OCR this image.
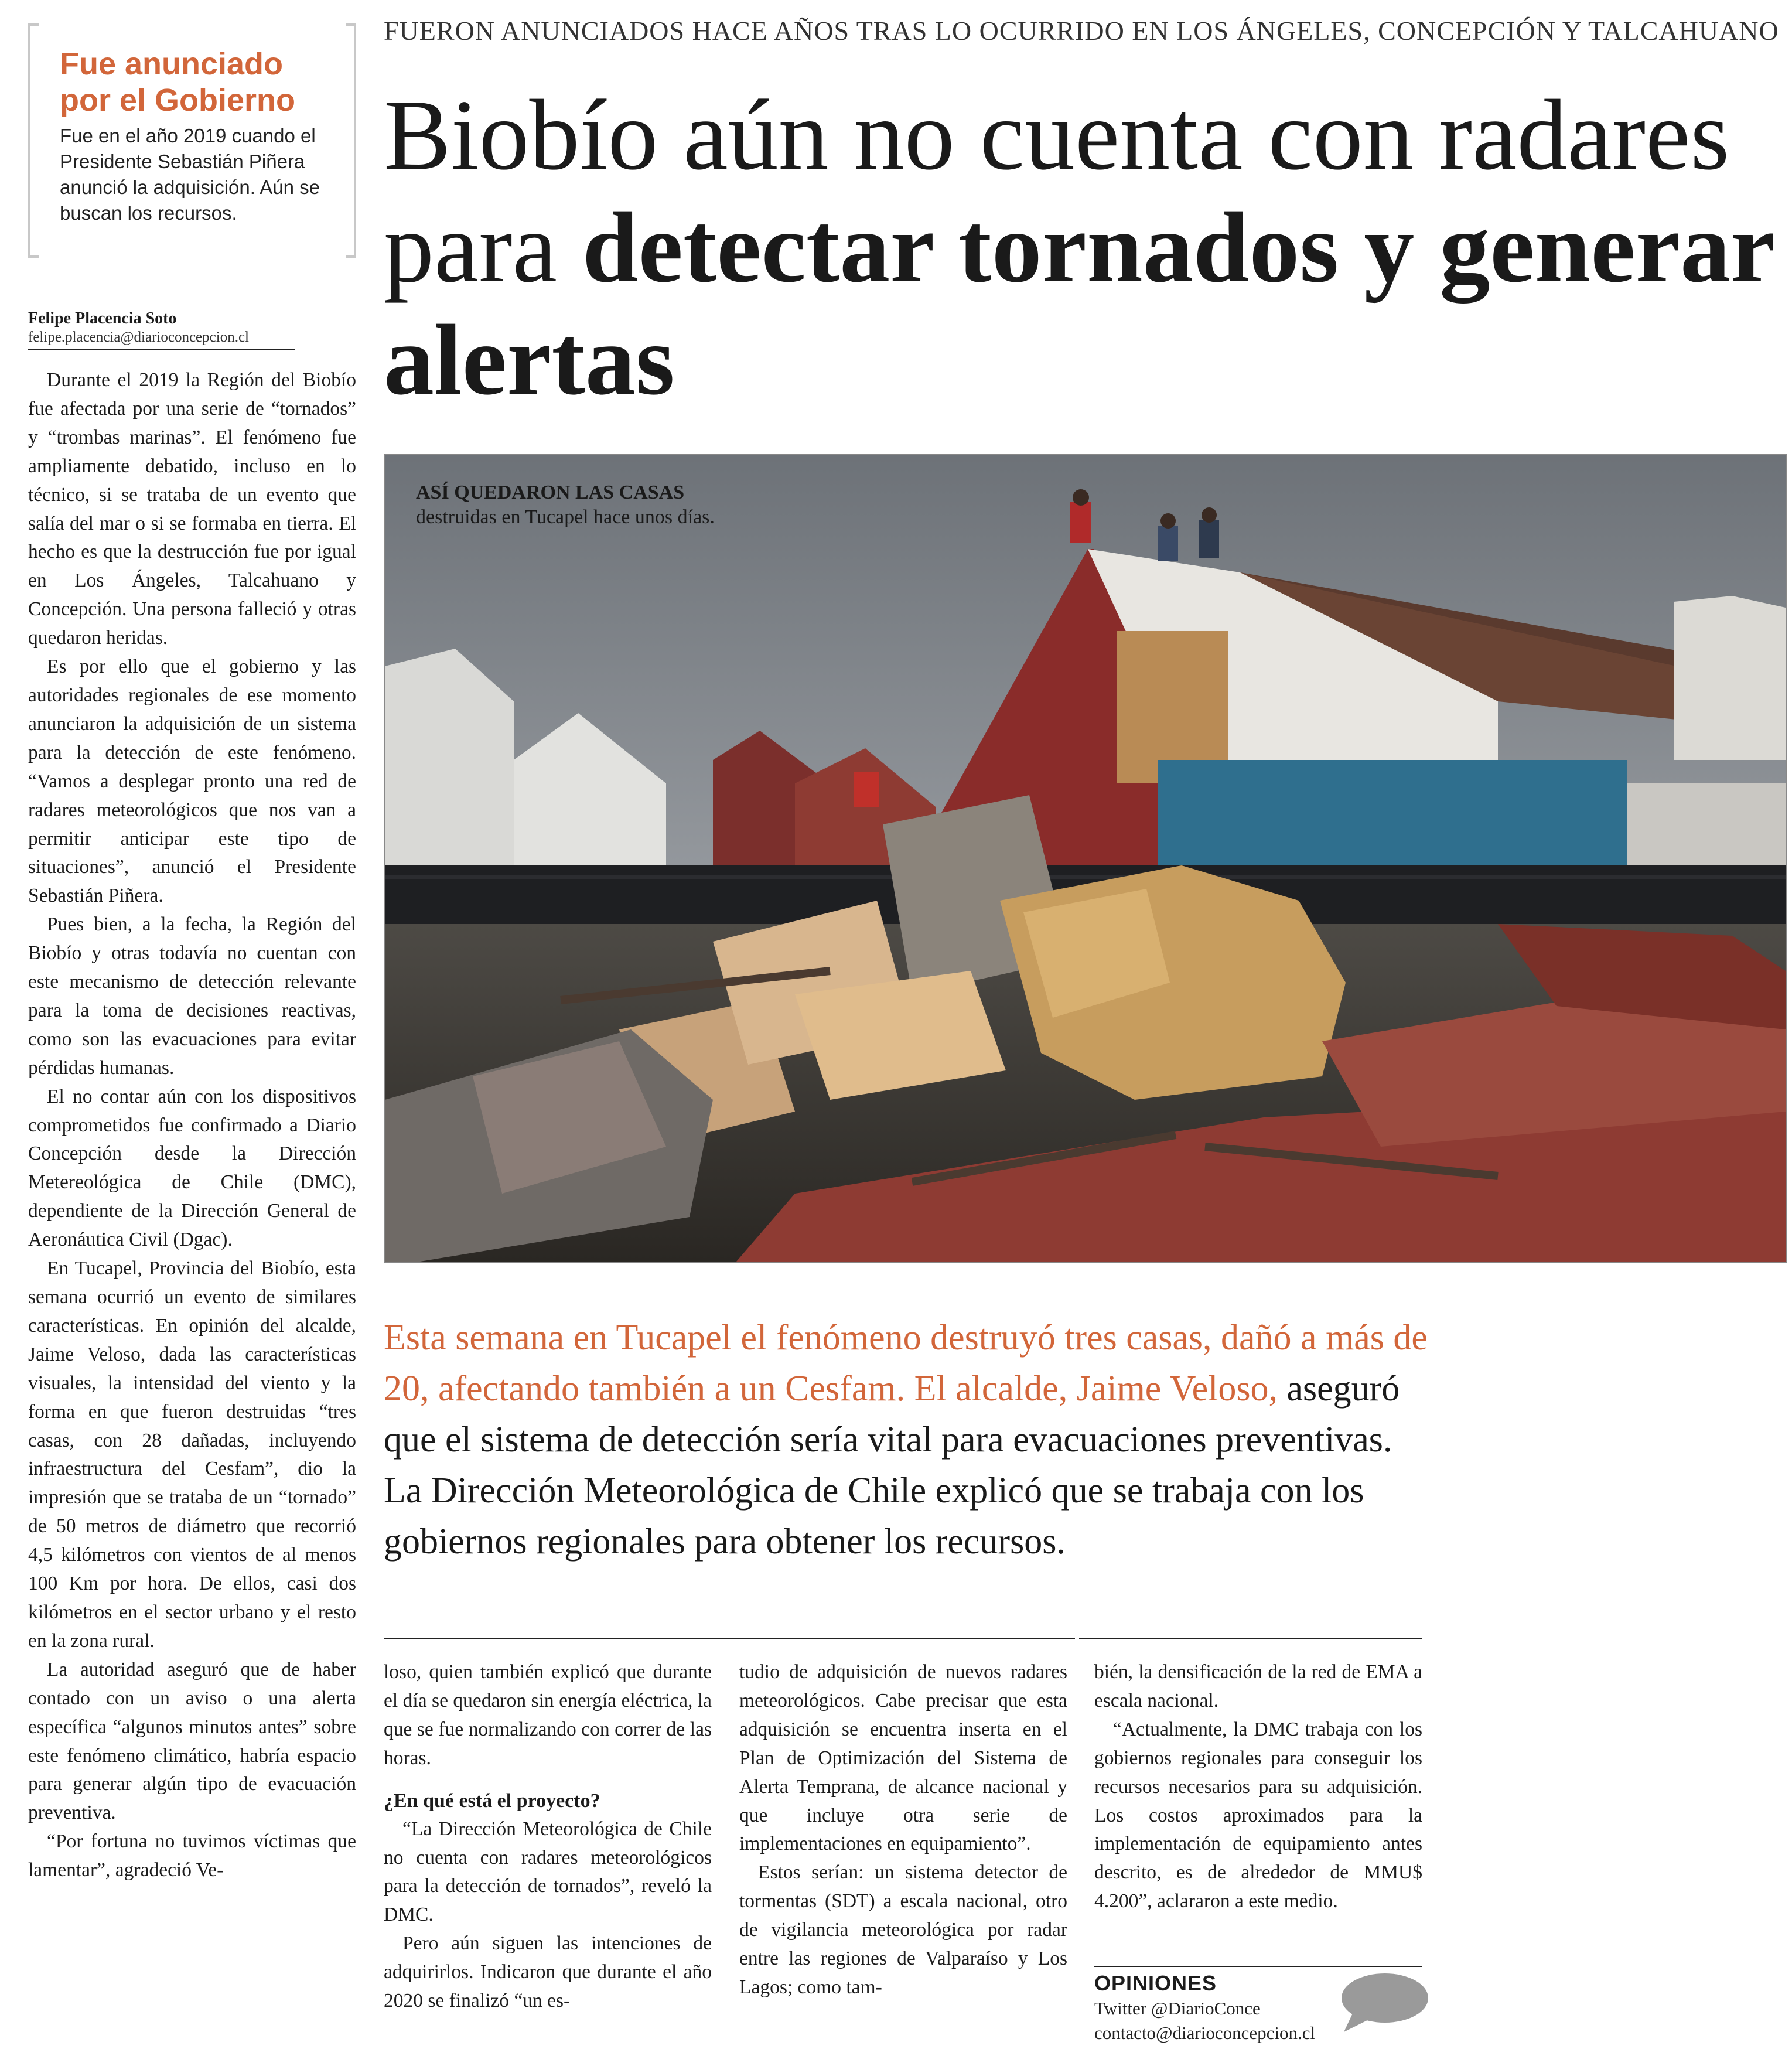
Fue anunciado por el Gobierno
Fue en el año 2019 cuando el Presidente Sebastián Piñera anunció la adquisición. Aún se buscan los recursos.
Felipe Placencia Soto
felipe.placencia@diarioconcepcion.cl

Durante el 2019 la Región del Biobío fue afectada por una serie de “tornados” y “trombas marinas”. El fenómeno fue ampliamente debatido, incluso en lo técnico, si se trataba de un evento que salía del mar o si se formaba en tierra. El hecho es que la destrucción fue por igual en Los Ángeles, Talcahuano y Concepción. Una persona falleció y otras quedaron heridas.

Es por ello que el gobierno y las autoridades regionales de ese momento anunciaron la adquisición de un sistema para la detección de este fenómeno. “Vamos a desplegar pronto una red de radares meteorológicos que nos van a permitir anticipar este tipo de situaciones”, anunció el Presidente Sebastián Piñera.

Pues bien, a la fecha, la Región del Biobío y otras todavía no cuentan con este mecanismo de detección relevante para la toma de decisiones reactivas, como son las evacuaciones para evitar pérdidas humanas.

El no contar aún con los dispositivos comprometidos fue confirmado a Diario Concepción desde la Dirección Metereológica de Chile (DMC), dependiente de la Dirección General de Aeronáutica Civil (Dgac).

En Tucapel, Provincia del Biobío, esta semana ocurrió un evento de similares características. En opinión del alcalde, Jaime Veloso, dada las características visuales, la intensidad del viento y la forma en que fueron destruidas “tres casas, con 28 dañadas, incluyendo infraestructura del Cesfam”, dio la impresión que se trataba de un “tornado” de 50 metros de diámetro que recorrió 4,5 kilómetros con vientos de al menos 100 Km por hora. De ellos, casi dos kilómetros en el sector urbano y el resto en la zona rural.

La autoridad aseguró que de haber contado con un aviso o una alerta específica “algunos minutos antes” sobre este fenómeno climático, habría espacio para generar algún tipo de evacuación preventiva.

“Por fortuna no tuvimos víctimas que lamentar”, agradeció Ve-

FUERON ANUNCIADOS HACE AÑOS TRAS LO OCURRIDO EN LOS ÁNGELES, CONCEPCIÓN Y TALCAHUANO
Biobío aún no cuenta con radares para detectar tornados y generar alertas
ASÍ QUEDARON LAS CASAS
destruidas en Tucapel hace unos días.
Esta semana en Tucapel el fenómeno destruyó tres casas, dañó a más de 20, afectando también a un Cesfam. El alcalde, Jaime Veloso, aseguró que el sistema de detección sería vital para evacuaciones preventivas. La Dirección Meteorológica de Chile explicó que se trabaja con los gobiernos regionales para obtener los recursos.

loso, quien también explicó que durante el día se quedaron sin energía eléctrica, la que se fue normalizando con correr de las horas.

¿En qué está el proyecto?

“La Dirección Meteorológica de Chile no cuenta con radares meteorológicos para la detección de tornados”, reveló la DMC.

Pero aún siguen las intenciones de adquirirlos. Indicaron que durante el año 2020 se finalizó “un es-

tudio de adquisición de nuevos radares meteorológicos. Cabe precisar que esta adquisición se encuentra inserta en el Plan de Optimización del Sistema de Alerta Temprana, de alcance nacional y que incluye otra serie de implementaciones en equipamiento”.

Estos serían: un sistema detector de tormentas (SDT) a escala nacional, otro de vigilancia meteorológica por radar entre las regiones de Valparaíso y Los Lagos; como tam-

bién, la densificación de la red de EMA a escala nacional.

“Actualmente, la DMC trabaja con los gobiernos regionales para conseguir los recursos necesarios para su adquisición. Los costos aproximados para la implementación de equipamiento antes descrito, es de alrededor de MMU$ 4.200”, aclararon a este medio.

OPINIONES
Twitter @DiarioConce
contacto@diarioconcepcion.cl
